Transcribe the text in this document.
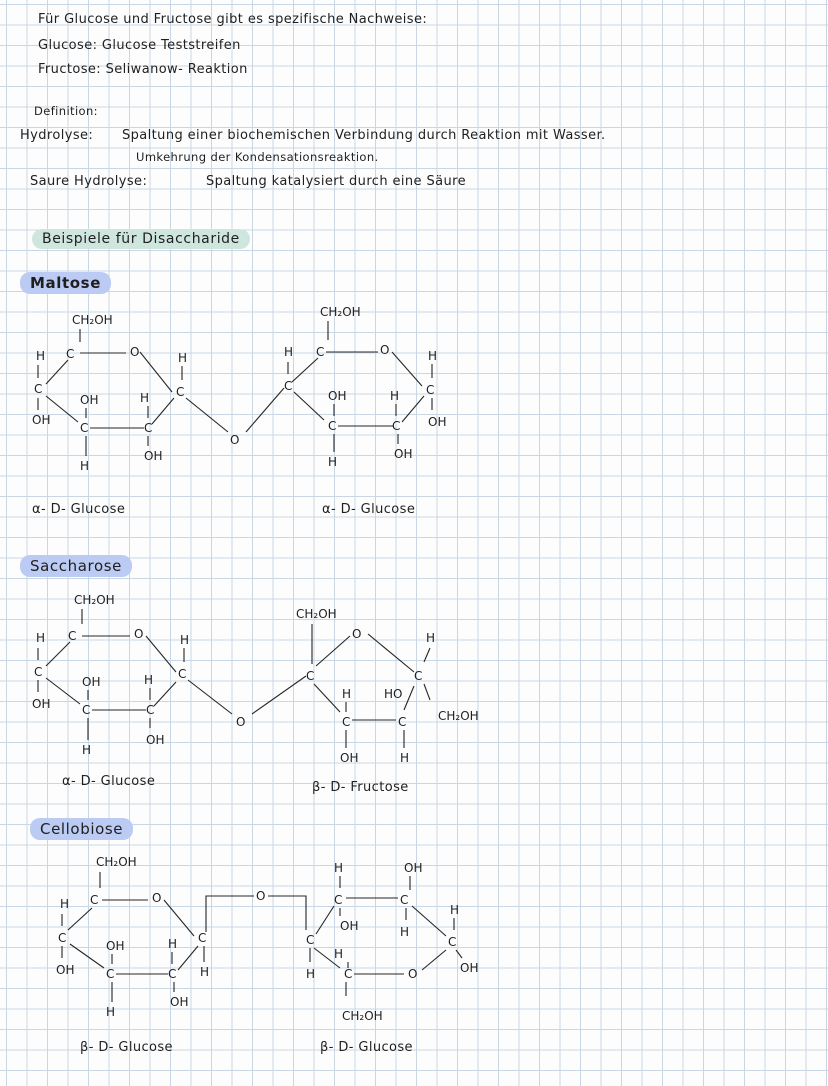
Für Glucose und Fructose gibt es spezifische Nachweise:
Glucose: Glucose Teststreifen
Fructose: Seliwanow- Reaktion
Definition:
Hydrolyse: Spaltung einer biochemischen Verbindung durch Reaktion mit Wasser.
Umkehrung der Kondensationsreaktion.
Saure Hydrolyse:	Spaltung katalysiert durch eine Säure
Beispiele für Disaccharide
Maltose
Saccharose
Cellobiose
α- D- Glucose	α- D- Glucose
α- D- Glucose	β- D- Fructose
β- D- Glucose	β- D- Glucose
CH₂OH
C
H	O
C
OH
OH
C
H
H
C
OH
H
C
O
CH₂OH
C
H
C
O
OH
C
H
H
C
OH
H
C
OH
CH₂OH
C
H	O
C
OH
OH
C
H
H
C
OH
H
C
O
CH₂OH
C
O	H
C
CH₂OH
HO
C
H
C
H
OH
CH₂OH
C
H	O
C
OH
OH
C
H
H
C
OH
C
H
O
C
H
H
C
OH
OH
C
H
H
C
OH
O
C
H
CH₂OH
